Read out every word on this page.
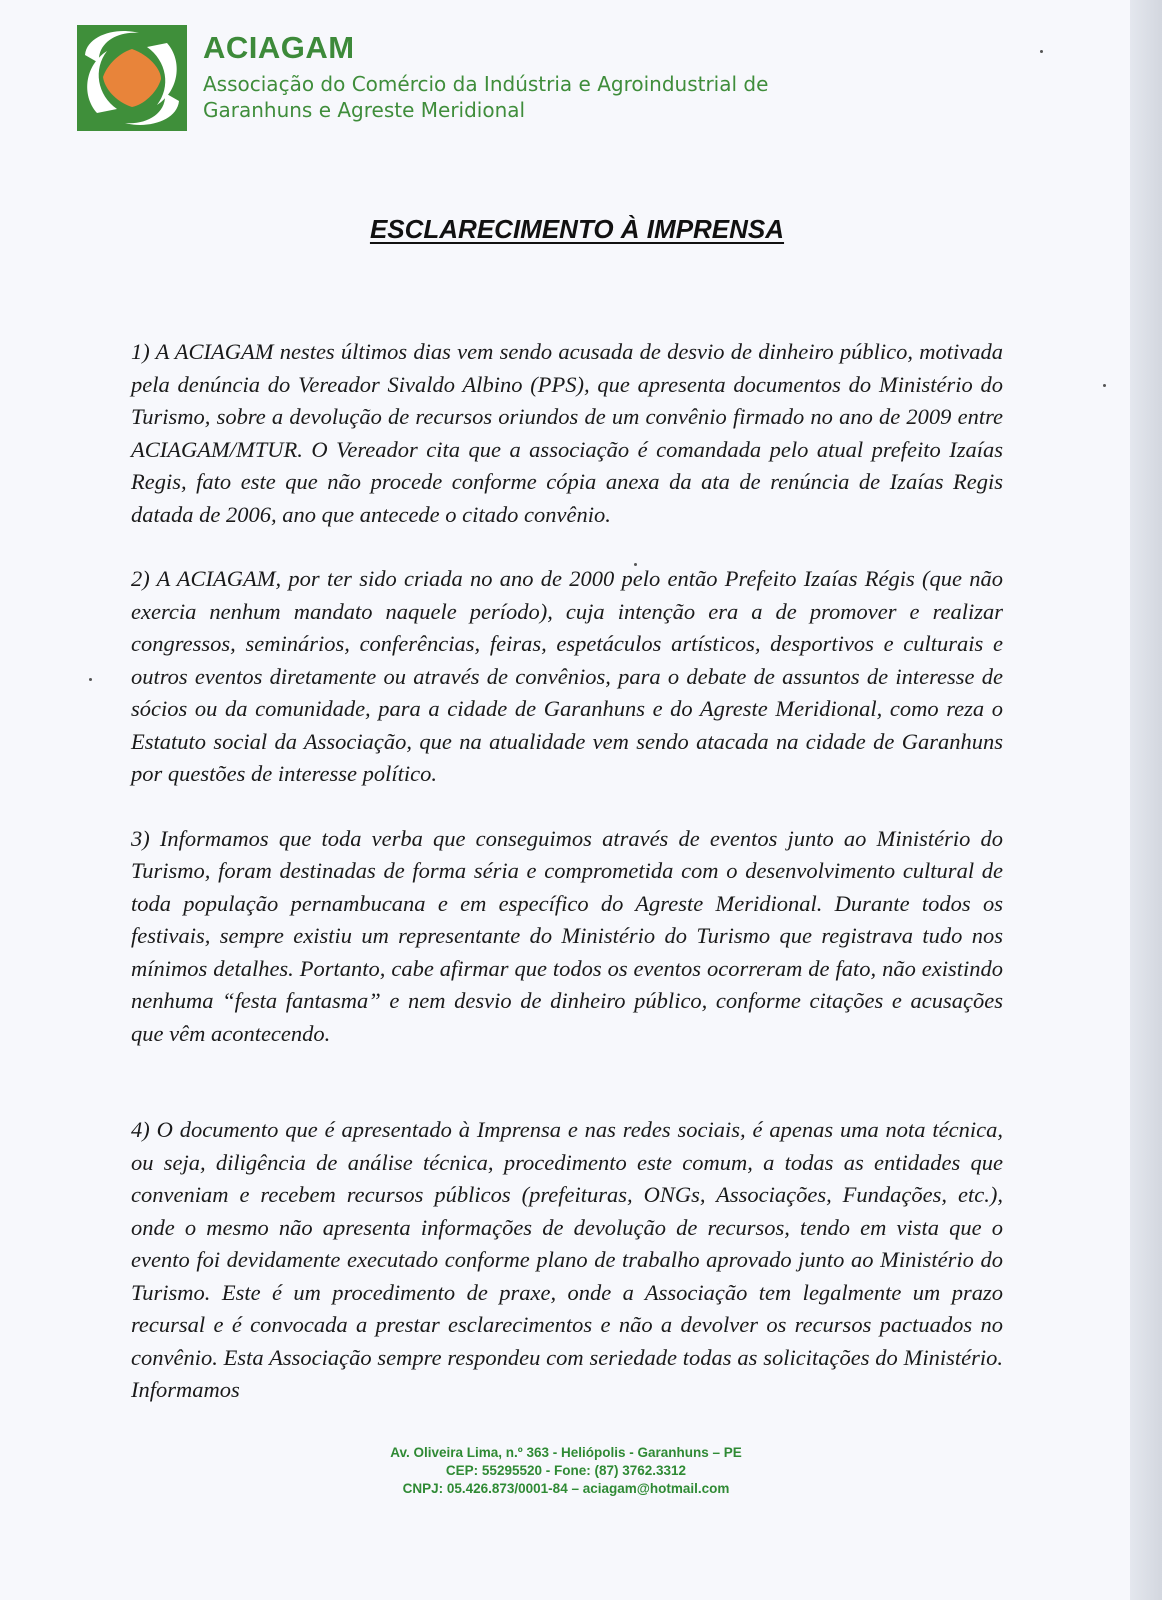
ACIAGAM
Associação do Comércio da Indústria e Agroindustrial de
Garanhuns e Agreste Meridional
ESCLARECIMENTO À IMPRENSA

1) A ACIAGAM nestes últimos dias vem sendo acusada de desvio de dinheiro público, motivada pela denúncia do Vereador Sivaldo Albino (PPS), que apresenta documentos do Ministério do Turismo, sobre a devolução de recursos oriundos de um convênio firmado no ano de 2009 entre ACIAGAM/MTUR. O Vereador cita que a associação é comandada pelo atual prefeito Izaías Regis, fato este que não procede conforme cópia anexa da ata de renúncia de Izaías Regis datada de 2006, ano que antecede o citado convênio.

2) A ACIAGAM, por ter sido criada no ano de 2000 pelo então Prefeito Izaías Régis (que não exercia nenhum mandato naquele período), cuja intenção era a de promover e realizar congressos, seminários, conferências, feiras, espetáculos artísticos, desportivos e culturais e outros eventos diretamente ou através de convênios, para o debate de assuntos de interesse de sócios ou da comunidade, para a cidade de Garanhuns e do Agreste Meridional, como reza o Estatuto social da Associação, que na atualidade vem sendo atacada na cidade de Garanhuns por questões de interesse político.

3) Informamos que toda verba que conseguimos através de eventos junto ao Ministério do Turismo, foram destinadas de forma séria e comprometida com o desenvolvimento cultural de toda população pernambucana e em específico do Agreste Meridional. Durante todos os festivais, sempre existiu um representante do Ministério do Turismo que registrava tudo nos mínimos detalhes. Portanto, cabe afirmar que todos os eventos ocorreram de fato, não existindo nenhuma “festa fantasma” e nem desvio de dinheiro público, conforme citações e acusações que vêm acontecendo.

4) O documento que é apresentado à Imprensa e nas redes sociais, é apenas uma nota técnica, ou seja, diligência de análise técnica, procedimento este comum, a todas as entidades que conveniam e recebem recursos públicos (prefeituras, ONGs, Associações, Fundações, etc.), onde o mesmo não apresenta informações de devolução de recursos, tendo em vista que o evento foi devidamente executado conforme plano de trabalho aprovado junto ao Ministério do Turismo. Este é um procedimento de praxe, onde a Associação tem legalmente um prazo recursal e é convocada a prestar esclarecimentos e não a devolver os recursos pactuados no convênio. Esta Associação sempre respondeu com seriedade todas as solicitações do Ministério. Informamos

Av. Oliveira Lima, n.º 363 - Heliópolis - Garanhuns – PE
CEP: 55295520 - Fone: (87) 3762.3312
CNPJ: 05.426.873/0001-84 – aciagam@hotmail.com
